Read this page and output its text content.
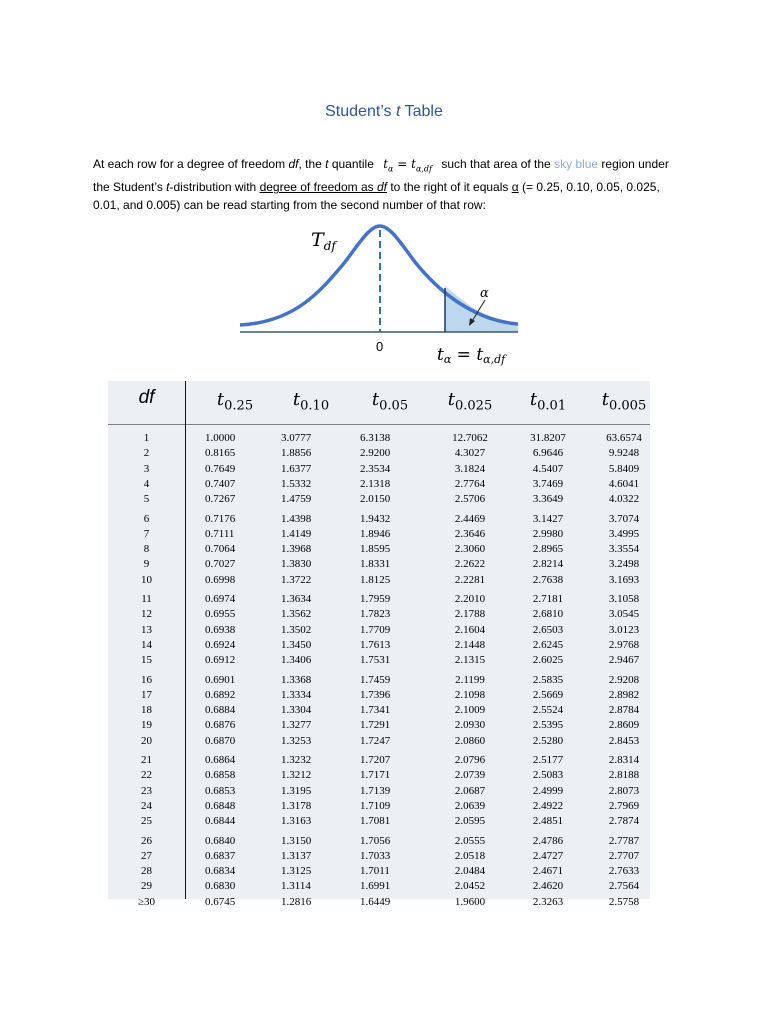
Student’s t Table
At each row for a degree of freedom df, the t quantile $t_\alpha = t_{\alpha,df}$ such that area of the sky blue region under the Student’s t-distribution with degree of freedom as df to the right of it equals α (= 0.25, 0.10, 0.05, 0.025, 0.01, and 0.005) can be read starting from the second number of that row:
$T_{df}$
0
α
tα = tα,df
df	$t_{0.25}$	$t_{0.10}$	$t_{0.05}$	$t_{0.025}$	$t_{0.01}$	$t_{0.005}$
1	1.0000	3.0777	6.3138	12.7062	31.8207	63.6574
2	0.8165	1.8856	2.9200	4.3027	6.9646	9.9248
3	0.7649	1.6377	2.3534	3.1824	4.5407	5.8409
4	0.7407	1.5332	2.1318	2.7764	3.7469	4.6041
5	0.7267	1.4759	2.0150	2.5706	3.3649	4.0322
6	0.7176	1.4398	1.9432	2.4469	3.1427	3.7074
7	0.7111	1.4149	1.8946	2.3646	2.9980	3.4995
8	0.7064	1.3968	1.8595	2.3060	2.8965	3.3554
9	0.7027	1.3830	1.8331	2.2622	2.8214	3.2498
10	0.6998	1.3722	1.8125	2.2281	2.7638	3.1693
11	0.6974	1.3634	1.7959	2.2010	2.7181	3.1058
12	0.6955	1.3562	1.7823	2.1788	2.6810	3.0545
13	0.6938	1.3502	1.7709	2.1604	2.6503	3.0123
14	0.6924	1.3450	1.7613	2.1448	2.6245	2.9768
15	0.6912	1.3406	1.7531	2.1315	2.6025	2.9467
16	0.6901	1.3368	1.7459	2.1199	2.5835	2.9208
17	0.6892	1.3334	1.7396	2.1098	2.5669	2.8982
18	0.6884	1.3304	1.7341	2.1009	2.5524	2.8784
19	0.6876	1.3277	1.7291	2.0930	2.5395	2.8609
20	0.6870	1.3253	1.7247	2.0860	2.5280	2.8453
21	0.6864	1.3232	1.7207	2.0796	2.5177	2.8314
22	0.6858	1.3212	1.7171	2.0739	2.5083	2.8188
23	0.6853	1.3195	1.7139	2.0687	2.4999	2.8073
24	0.6848	1.3178	1.7109	2.0639	2.4922	2.7969
25	0.6844	1.3163	1.7081	2.0595	2.4851	2.7874
26	0.6840	1.3150	1.7056	2.0555	2.4786	2.7787
27	0.6837	1.3137	1.7033	2.0518	2.4727	2.7707
28	0.6834	1.3125	1.7011	2.0484	2.4671	2.7633
29	0.6830	1.3114	1.6991	2.0452	2.4620	2.7564
≥30	0.6745	1.2816	1.6449	1.9600	2.3263	2.5758
